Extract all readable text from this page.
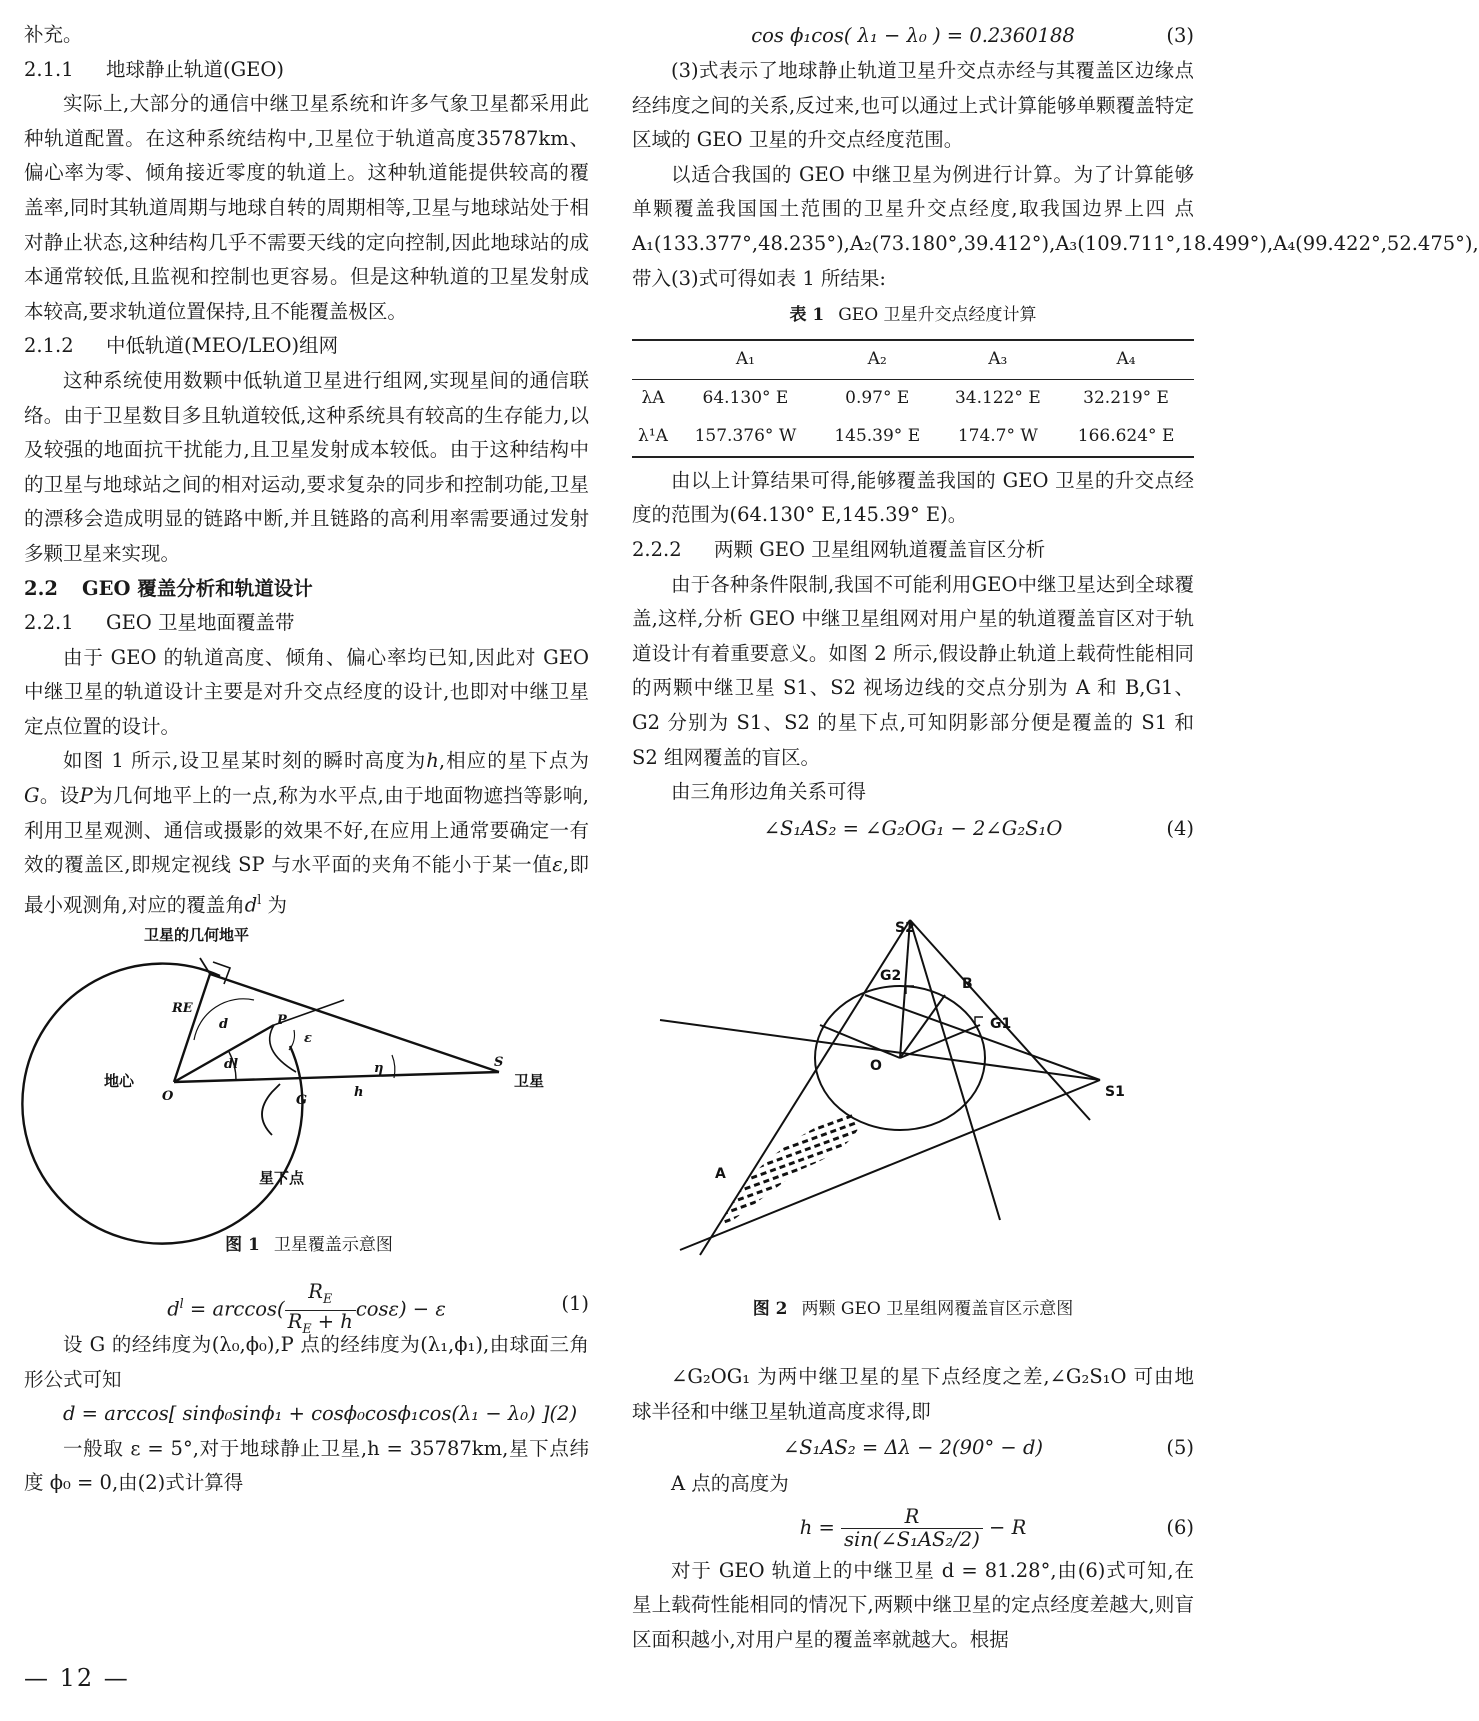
补充。

2.1.1 地球静止轨道(GEO)

实际上,大部分的通信中继卫星系统和许多气象卫星都采用此种轨道配置。在这种系统结构中,卫星位于轨道高度35787km、偏心率为零、倾角接近零度的轨道上。这种轨道能提供较高的覆盖率,同时其轨道周期与地球自转的周期相等,卫星与地球站处于相对静止状态,这种结构几乎不需要天线的定向控制,因此地球站的成本通常较低,且监视和控制也更容易。但是这种轨道的卫星发射成本较高,要求轨道位置保持,且不能覆盖极区。

2.1.2 中低轨道(MEO/LEO)组网

这种系统使用数颗中低轨道卫星进行组网,实现星间的通信联络。由于卫星数目多且轨道较低,这种系统具有较高的生存能力,以及较强的地面抗干扰能力,且卫星发射成本较低。由于这种结构中的卫星与地球站之间的相对运动,要求复杂的同步和控制功能,卫星的漂移会造成明显的链路中断,并且链路的高利用率需要通过发射多颗卫星来实现。

2.2 GEO 覆盖分析和轨道设计
2.2.1 GEO 卫星地面覆盖带

由于 GEO 的轨道高度、倾角、偏心率均已知,因此对 GEO 中继卫星的轨道设计主要是对升交点经度的设计,也即对中继卫星定点位置的设计。

如图 1 所示,设卫星某时刻的瞬时高度为h,相应的星下点为G。设P为几何地平上的一点,称为水平点,由于地面物遮挡等影响,利用卫星观测、通信或摄影的效果不好,在应用上通常要确定一有效的覆盖区,即规定视线 SP 与水平面的夹角不能小于某一值ε,即最小观测角,对应的覆盖角$d^l$ 为

卫星的几何地平
地心	卫星
星下点
O
P
G
S
h
RE
d
dl
ε
η
图 1 卫星覆盖示意图
$d^l = \arccos( \frac{R_E}{R_E + h} \cos\varepsilon) - \varepsilon$	(1)

设 G 的经纬度为(λ₀,ϕ₀),P 点的经纬度为(λ₁,ϕ₁),由球面三角形公式可知

d = arccos[ sinϕ₀sinϕ₁ + cosϕ₀cosϕ₁cos(λ₁ − λ₀) ](2)

一般取 ε = 5°,对于地球静止卫星,h = 35787km,星下点纬度 ϕ₀ = 0,由(2)式计算得

— 12 —
cos ϕ₁cos( λ₁ − λ₀ ) = 0.2360188	(3)

(3)式表示了地球静止轨道卫星升交点赤经与其覆盖区边缘点经纬度之间的关系,反过来,也可以通过上式计算能够单颗覆盖特定区域的 GEO 卫星的升交点经度范围。

以适合我国的 GEO 中继卫星为例进行计算。为了计算能够单颗覆盖我国国土范围的卫星升交点经度,取我国边界上四 点 A₁(133.377°,48.235°),A₂(73.180°,39.412°),A₃(109.711°,18.499°),A₄(99.422°,52.475°),带入(3)式可得如表 1 所结果:

表 1 GEO 卫星升交点经度计算
	A₁	A₂	A₃	A₄
λA	64.130° E	0.97° E	34.122° E	32.219° E
λ¹A	157.376° W	145.39° E	174.7° W	166.624° E

由以上计算结果可得,能够覆盖我国的 GEO 卫星的升交点经度的范围为(64.130° E,145.39° E)。

2.2.2 两颗 GEO 卫星组网轨道覆盖盲区分析

由于各种条件限制,我国不可能利用GEO中继卫星达到全球覆盖,这样,分析 GEO 中继卫星组网对用户星的轨道覆盖盲区对于轨道设计有着重要意义。如图 2 所示,假设静止轨道上载荷性能相同的两颗中继卫星 S1、S2 视场边线的交点分别为 A 和 B,G1、G2 分别为 S1、S2 的星下点,可知阴影部分便是覆盖的 S1 和 S2 组网覆盖的盲区。

由三角形边角关系可得

∠S₁AS₂ = ∠G₂OG₁ − 2∠G₂S₁O	(4)
S2
S1
G2
G1
B
O
A
图 2 两颗 GEO 卫星组网覆盖盲区示意图

∠G₂OG₁ 为两中继卫星的星下点经度之差,∠G₂S₁O 可由地球半径和中继卫星轨道高度求得,即

∠S₁AS₂ = Δλ − 2(90° − d)	(5)

A 点的高度为

$h = \frac{R}{\text{sin(∠S₁AS₂/2)}} - R$	(6)

对于 GEO 轨道上的中继卫星 d = 81.28°,由(6)式可知,在星上载荷性能相同的情况下,两颗中继卫星的定点经度差越大,则盲区面积越小,对用户星的覆盖率就越大。根据
